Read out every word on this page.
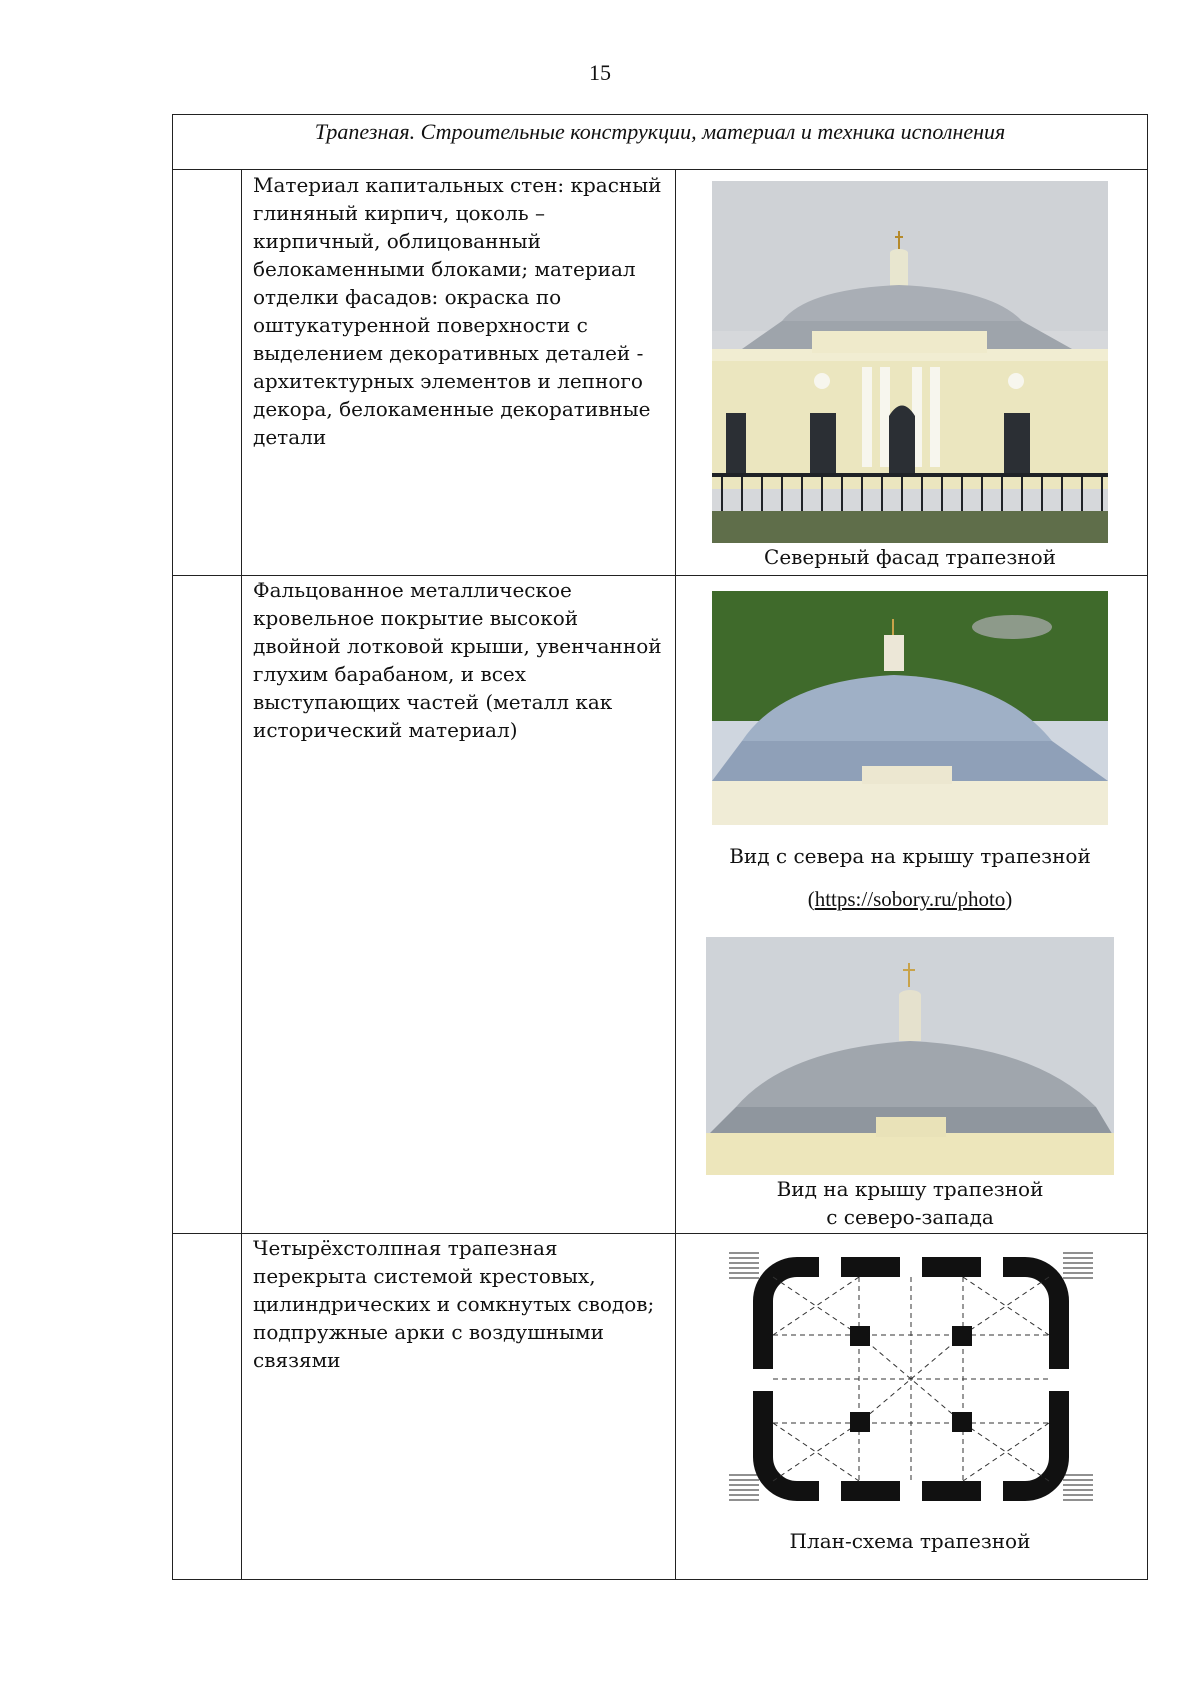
15
Трапезная. Строительные конструкции, материал и техника исполнения
Материал капитальных стен: красный глиняный кирпич, цоколь – кирпичный, облицованный белокаменными блоками; материал отделки фасадов: окраска по оштукатуренной поверхности с выделением декоративных деталей - архитектурных элементов и лепного декора, белокаменные декоративные детали
Северный фасад трапезной
Фальцованное металлическое кровельное покрытие высокой двойной лотковой крыши, увенчанной глухим барабаном, и всех выступающих частей (металл как исторический материал)
Вид с севера на крышу трапезной
(https://sobory.ru/photo)
Вид на крышу трапезной
с северо-запада
Четырёхстолпная трапезная перекрыта системой крестовых, цилиндрических и сомкнутых сводов; подпружные арки с воздушными связями
План-схема трапезной
